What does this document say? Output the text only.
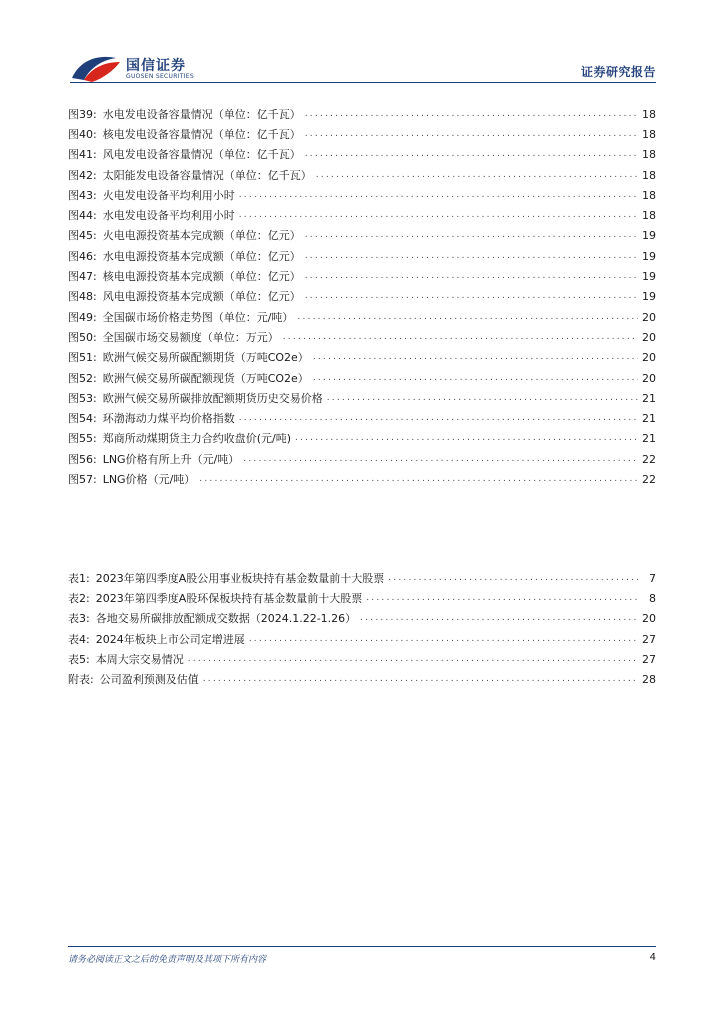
国信证券
GUOSEN SECURITIES	证券研究报告
图39: 水电发电设备容量情况（单位：亿千瓦） .....	18
图40: 核电发电设备容量情况（单位：亿千瓦） .....	18
图41: 风电发电设备容量情况（单位：亿千瓦） .....	18
图42: 太阳能发电设备容量情况（单位：亿千瓦） .....	18
图43: 火电发电设备平均利用小时 .....	18
图44: 水电发电设备平均利用小时 .....	18
图45: 火电电源投资基本完成额（单位：亿元） .....	19
图46: 水电电源投资基本完成额（单位：亿元） .....	19
图47: 核电电源投资基本完成额（单位：亿元） .....	19
图48: 风电电源投资基本完成额（单位：亿元） .....	19
图49: 全国碳市场价格走势图（单位：元/吨） .....	20
图50: 全国碳市场交易额度（单位：万元） .....	20
图51: 欧洲气候交易所碳配额期货（万吨CO2e） .....	20
图52: 欧洲气候交易所碳配额现货（万吨CO2e） .....	20
图53: 欧洲气候交易所碳排放配额期货历史交易价格 .....	21
图54: 环渤海动力煤平均价格指数 .....	21
图55: 郑商所动煤期货主力合约收盘价(元/吨) .....	21
图56: LNG价格有所上升（元/吨） .....	22
图57: LNG价格（元/吨） .....	22
表1: 2023年第四季度A股公用事业板块持有基金数量前十大股票 .....	7
表2: 2023年第四季度A股环保板块持有基金数量前十大股票 .....	8
表3: 各地交易所碳排放配额成交数据（2024.1.22-1.26） .....	20
表4: 2024年板块上市公司定增进展 .....	27
表5: 本周大宗交易情况 .....	27
附表: 公司盈利预测及估值 .....	28
请务必阅读正文之后的免责声明及其项下所有内容	4
